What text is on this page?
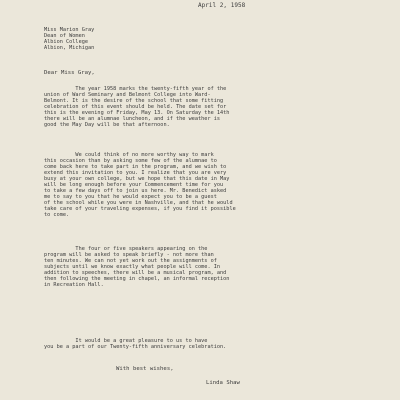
April 2, 1958
Miss Marion Gray
Dean of Women
Albion College
Albion, Michigan
Dear Miss Gray,
The year 1958 marks the twenty-fifth year of the
union of Ward Seminary and Belmont College into Ward-
Belmont. It is the desire of the school that some fitting
celebration of this event should be held. The date set for
this is the evening of Friday, May 13. On Saturday the 14th
there will be an alumnae luncheon, and if the weather is
good the May Day will be that afternoon.
We could think of no more worthy way to mark
this occasion than by asking some few of the alumnae to
come back here to take part in the program, and we wish to
extend this invitation to you. I realize that you are very
busy at your own college, but we hope that this date in May
will be long enough before your Commencement time for you
to take a few days off to join us here. Mr. Benedict asked
me to say to you that he would expect you to be a guest
of the school while you were in Nashville, and that he would
take care of your traveling expenses, if you find it possible
to come.
The four or five speakers appearing on the
program will be asked to speak briefly - not more than
ten minutes. We can not yet work out the assignments of
subjects until we know exactly what people will come. In
addition to speeches, there will be a musical program, and
then following the meeting in chapel, an informal reception
in Recreation Hall.
It would be a great pleasure to us to have
you be a part of our Twenty-fifth anniversary celebration.
With best wishes,
Linda Shaw
